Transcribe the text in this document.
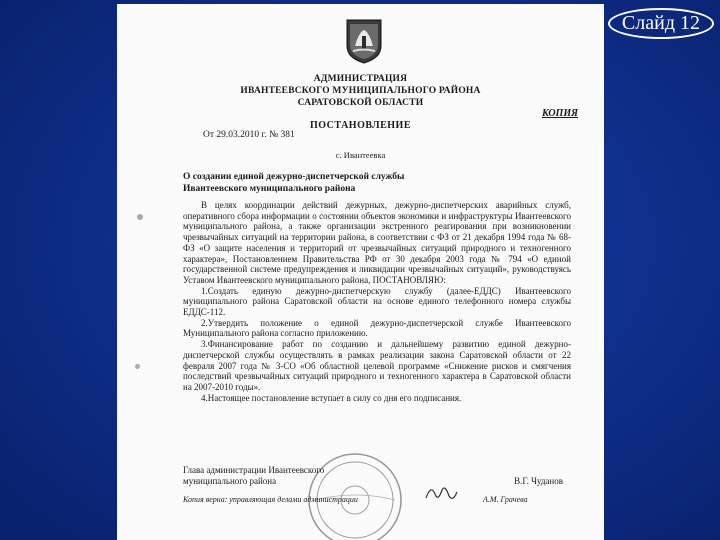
Слайд 12
АДМИНИСТРАЦИЯ
ИВАНТЕЕВСКОГО МУНИЦИПАЛЬНОГО РАЙОНА
САРАТОВСКОЙ ОБЛАСТИ
КОПИЯ
ПОСТАНОВЛЕНИЕ
От 29.03.2010 г. № 381
с. Ивантеевка
О создании единой дежурно-диспетчерской службы Ивантеевского муниципального района

В целях координации действий дежурных, дежурно-диспетчерских аварийных служб, оперативного сбора информации о состоянии объектов экономики и инфраструктуры Ивантеевского муниципального района, а также организации экстренного реагирования при возникновении чрезвычайных ситуаций на территории района, в соответствии с ФЗ от 21 декабря 1994 года № 68-ФЗ «О защите населения и территорий от чрезвычайных ситуаций природного и техногенного характера», Постановлением Правительства РФ от 30 декабря 2003 года № 794 «О единой государственной системе предупреждения и ликвидации чрезвычайных ситуаций», руководствуясь Уставом Ивантеевского муниципального района, ПОСТАНОВЛЯЮ:

1.Создать единую дежурно-диспетчерскую службу (далее-ЕДДС) Ивантеевского муниципального района Саратовской области на основе единого телефонного номера службы ЕДДС-112.

2.Утвердить положение о единой дежурно-диспетчерской службе Ивантеевского Муниципального района согласно приложению.

3.Финансирование работ по созданию и дальнейшему развитию единой дежурно-диспетчерской службы осуществлять в рамках реализации закона Саратовской области от 22 февраля 2007 года № 3-СО «Об областной целевой программе «Снижение рисков и смягчения последствий чрезвычайных ситуаций природного и техногенного характера в Саратовской области на 2007-2010 годы».

4.Настоящее постановление вступает в силу со дня его подписания.

Глава администрации Ивантеевского
муниципального района	В.Г. Чуданов
Копия верна: управляющая делами администрации	А.М. Грачева
